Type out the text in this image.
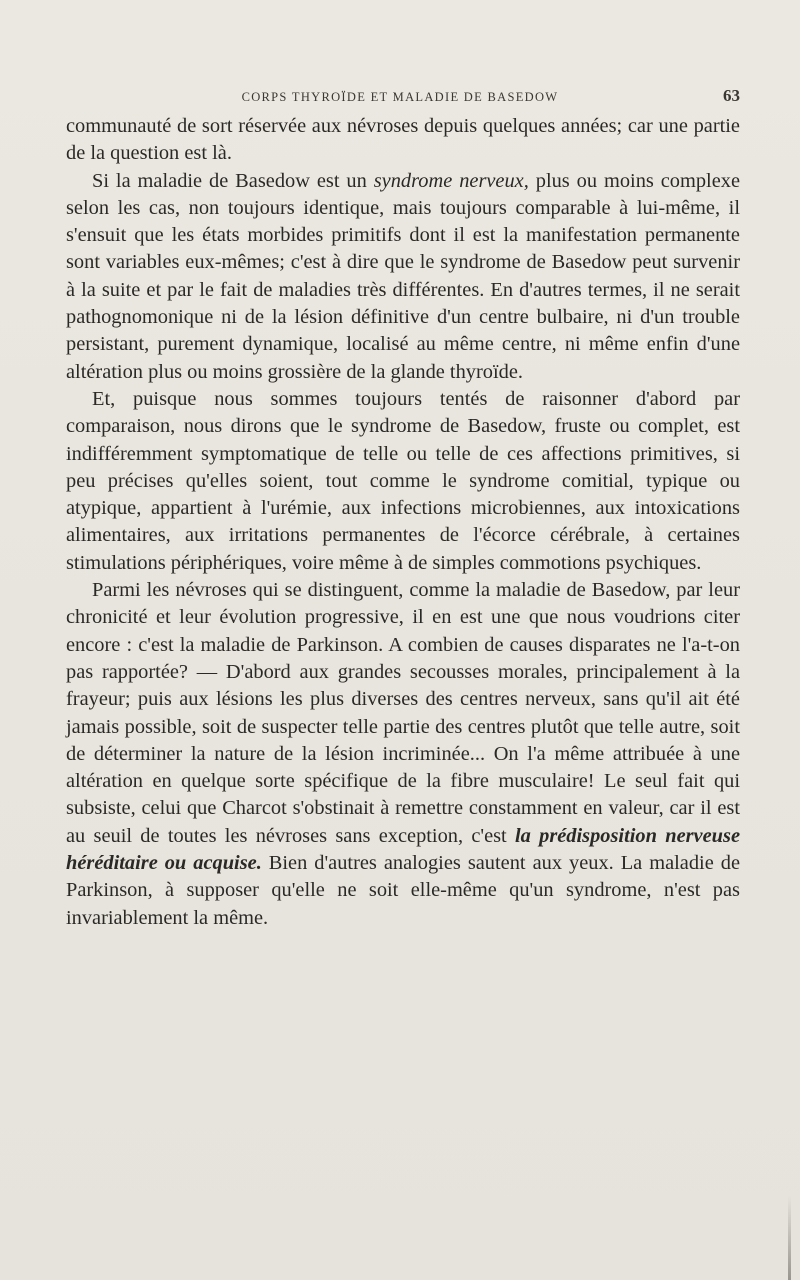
CORPS THYROÏDE ET MALADIE DE BASEDOW	63

communauté de sort réservée aux névroses depuis quelques années; car une partie de la question est là.

Si la maladie de Basedow est un syndrome nerveux, plus ou moins complexe selon les cas, non toujours identique, mais toujours comparable à lui-même, il s'ensuit que les états morbides primitifs dont il est la manifestation permanente sont variables eux-mêmes; c'est à dire que le syndrome de Basedow peut survenir à la suite et par le fait de maladies très différentes. En d'autres termes, il ne serait pathognomonique ni de la lésion définitive d'un centre bulbaire, ni d'un trouble persistant, purement dynamique, localisé au même centre, ni même enfin d'une altération plus ou moins grossière de la glande thyroïde.

Et, puisque nous sommes toujours tentés de raisonner d'abord par comparaison, nous dirons que le syndrome de Basedow, fruste ou complet, est indifféremment symptomatique de telle ou telle de ces affections primitives, si peu précises qu'elles soient, tout comme le syndrome comitial, typique ou atypique, appartient à l'urémie, aux infections microbiennes, aux intoxications alimentaires, aux irritations permanentes de l'écorce cérébrale, à certaines stimulations périphériques, voire même à de simples commotions psychiques.

Parmi les névroses qui se distinguent, comme la maladie de Basedow, par leur chronicité et leur évolution progressive, il en est une que nous voudrions citer encore : c'est la maladie de Parkinson. A combien de causes disparates ne l'a-t-on pas rapportée? — D'abord aux grandes secousses morales, principalement à la frayeur; puis aux lésions les plus diverses des centres nerveux, sans qu'il ait été jamais possible, soit de suspecter telle partie des centres plutôt que telle autre, soit de déterminer la nature de la lésion incriminée... On l'a même attribuée à une altération en quelque sorte spécifique de la fibre musculaire! Le seul fait qui subsiste, celui que Charcot s'obstinait à remettre constamment en valeur, car il est au seuil de toutes les névroses sans exception, c'est la prédisposition nerveuse héréditaire ou acquise. Bien d'autres analogies sautent aux yeux. La maladie de Parkinson, à supposer qu'elle ne soit elle-même qu'un syndrome, n'est pas invariablement la même.
